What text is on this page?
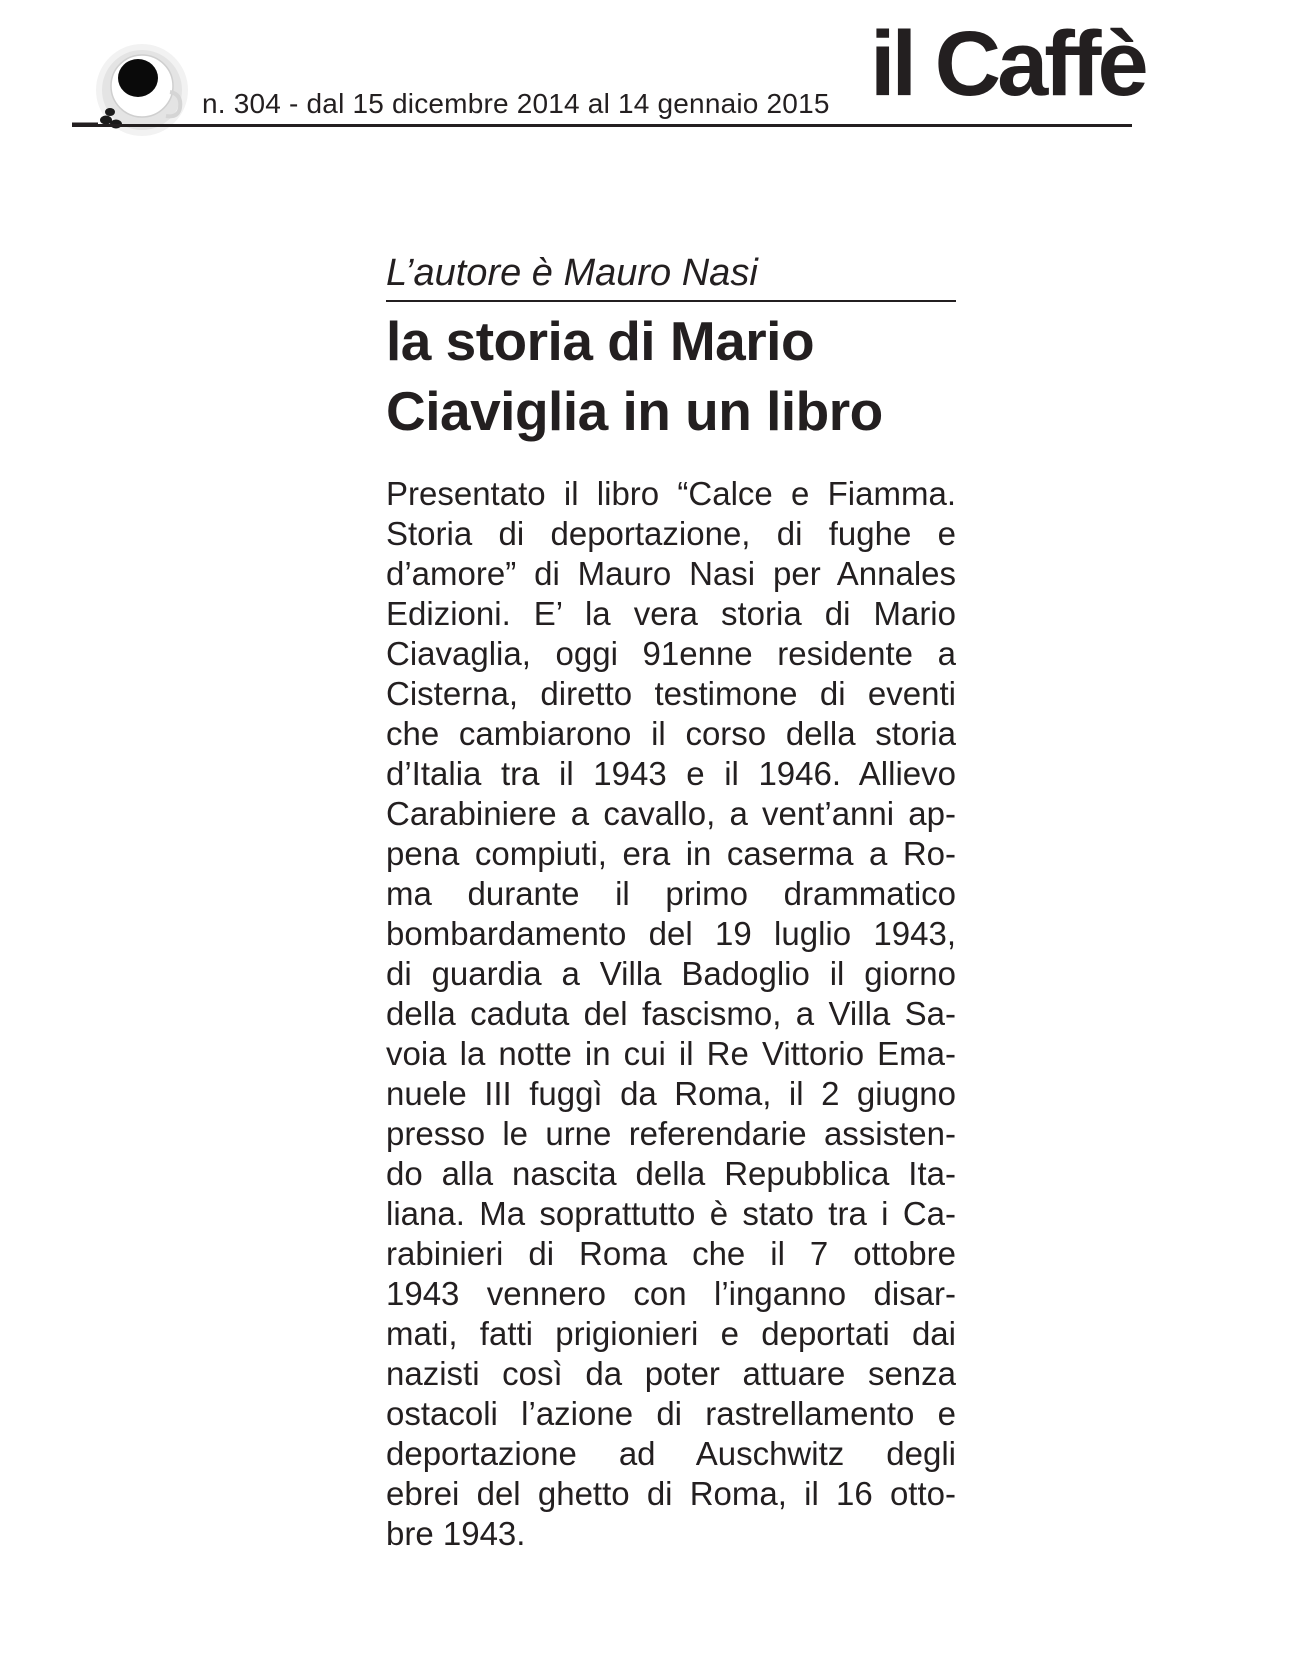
n. 304 - dal 15 dicembre 2014 al 14 gennaio 2015 il Caffè

L’autore è Mauro Nasi

la storia di Mario
Ciaviglia in un libro
Presentato il libro “Calce e Fiamma.
Storia di deportazione, di fughe e
d’amore” di Mauro Nasi per Annales
Edizioni. E’ la vera storia di Mario
Ciavaglia, oggi 91enne residente a
Cisterna, diretto testimone di eventi
che cambiarono il corso della storia
d’Italia tra il 1943 e il 1946. Allievo
Carabiniere a cavallo, a vent’anni ap-
pena compiuti, era in caserma a Ro-
ma durante il primo drammatico
bombardamento del 19 luglio 1943,
di guardia a Villa Badoglio il giorno
della caduta del fascismo, a Villa Sa-
voia la notte in cui il Re Vittorio Ema-
nuele III fuggì da Roma, il 2 giugno
presso le urne referendarie assisten-
do alla nascita della Repubblica Ita-
liana. Ma soprattutto è stato tra i Ca-
rabinieri di Roma che il 7 ottobre
1943 vennero con l’inganno disar-
mati, fatti prigionieri e deportati dai
nazisti così da poter attuare senza
ostacoli l’azione di rastrellamento e
deportazione ad Auschwitz degli
ebrei del ghetto di Roma, il 16 otto-
bre 1943.
